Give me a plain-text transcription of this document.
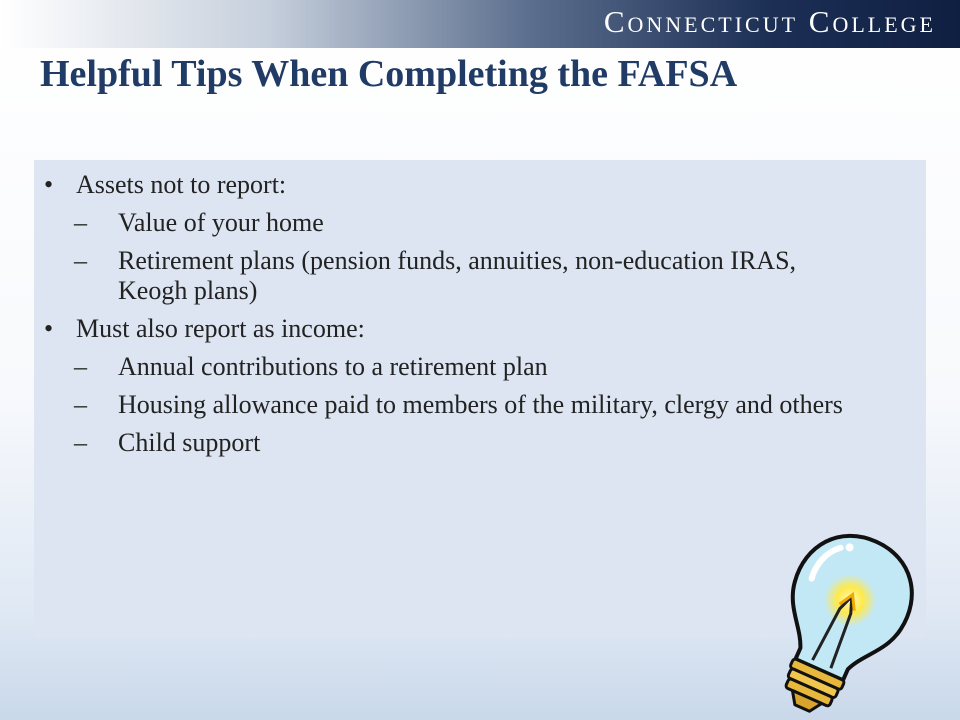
Connecticut College
Helpful Tips When Completing the FAFSA
• Assets not to report:
–	Value of your home
–	Retirement plans (pension funds, annuities, non-education IRAS, Keogh plans)
• Must also report as income:
–	Annual contributions to a retirement plan
–	Housing allowance paid to members of the military, clergy and others
–	Child support
